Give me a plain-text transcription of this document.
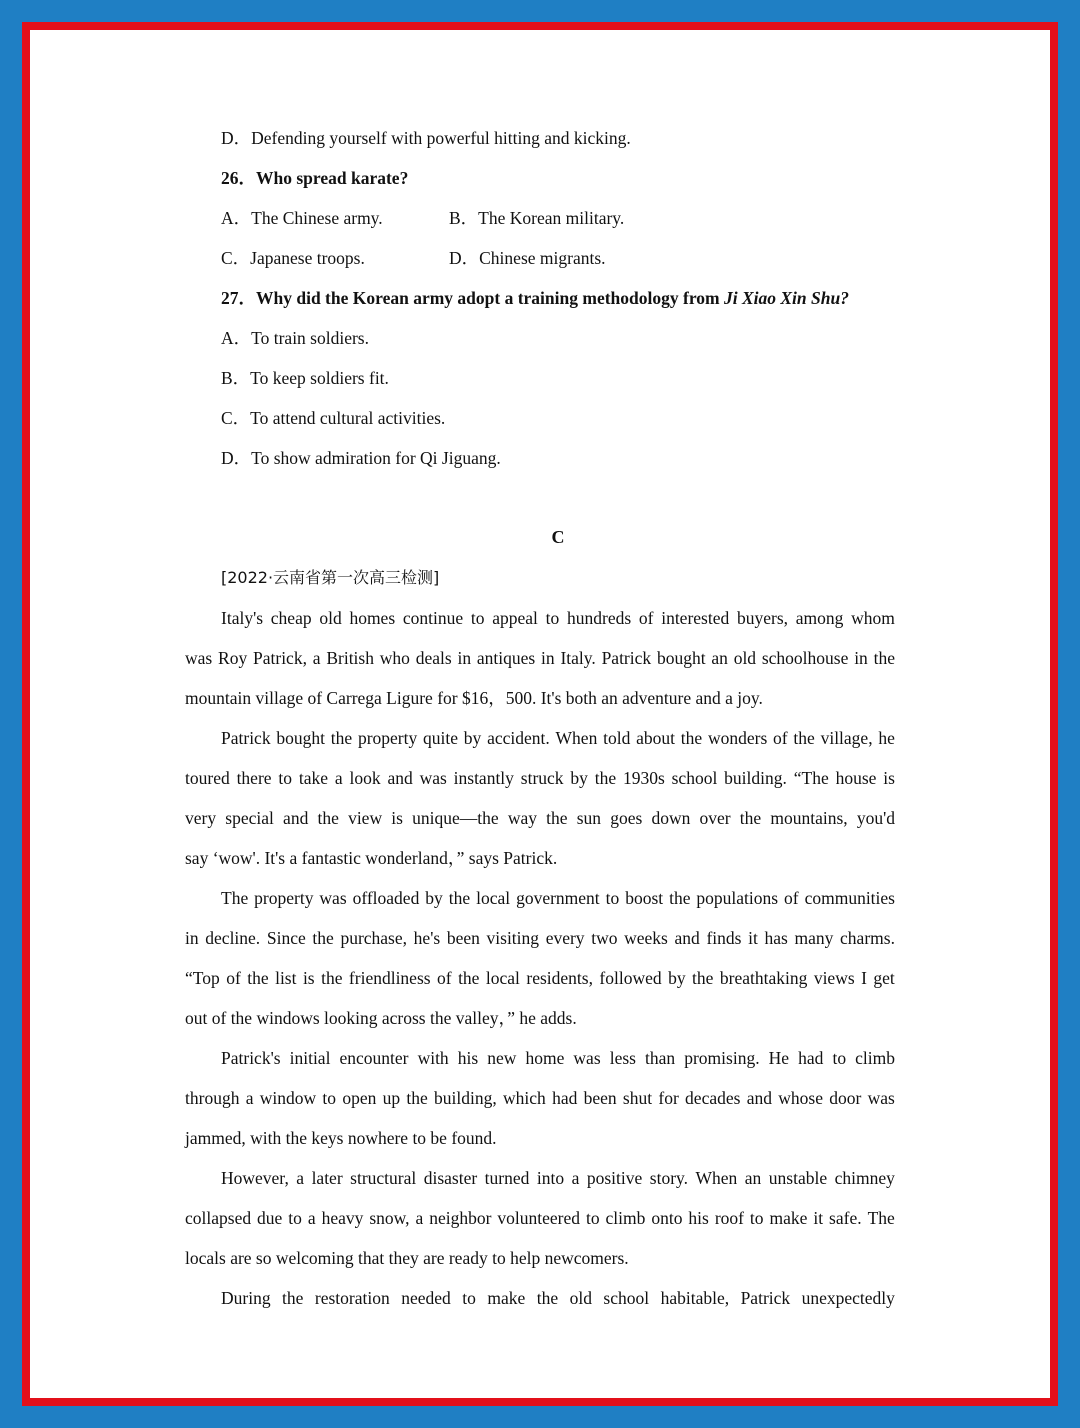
D．Defending yourself with powerful hitting and kicking.
26．Who spread karate?
A．The Chinese army.	B．The Korean military.
C．Japanese troops.	D．Chinese migrants.
27．Why did the Korean army adopt a training methodology from Ji Xiao Xin Shu?
A．To train soldiers.
B．To keep soldiers fit.
C．To attend cultural activities.
D．To show admiration for Qi Jiguang.
C
[2022·云南省第一次高三检测]
Italy's cheap old homes continue to appeal to hundreds of interested buyers, among whom
was Roy Patrick, a British who deals in antiques in Italy. Patrick bought an old schoolhouse in the
mountain village of Carrega Ligure for $16，500. It's both an adventure and a joy.
Patrick bought the property quite by accident. When told about the wonders of the village, he
toured there to take a look and was instantly struck by the 1930s school building. “The house is
very special and the view is unique—the way the sun goes down over the mountains, you'd
say ‘wow'. It's a fantastic wonderland，” says Patrick.
The property was offloaded by the local government to boost the populations of communities
in decline. Since the purchase, he's been visiting every two weeks and finds it has many charms.
“Top of the list is the friendliness of the local residents, followed by the breathtaking views I get
out of the windows looking across the valley，” he adds.
Patrick's initial encounter with his new home was less than promising. He had to climb
through a window to open up the building, which had been shut for decades and whose door was
jammed, with the keys nowhere to be found.
However, a later structural disaster turned into a positive story. When an unstable chimney
collapsed due to a heavy snow, a neighbor volunteered to climb onto his roof to make it safe. The
locals are so welcoming that they are ready to help newcomers.
During the restoration needed to make the old school habitable, Patrick unexpectedly
